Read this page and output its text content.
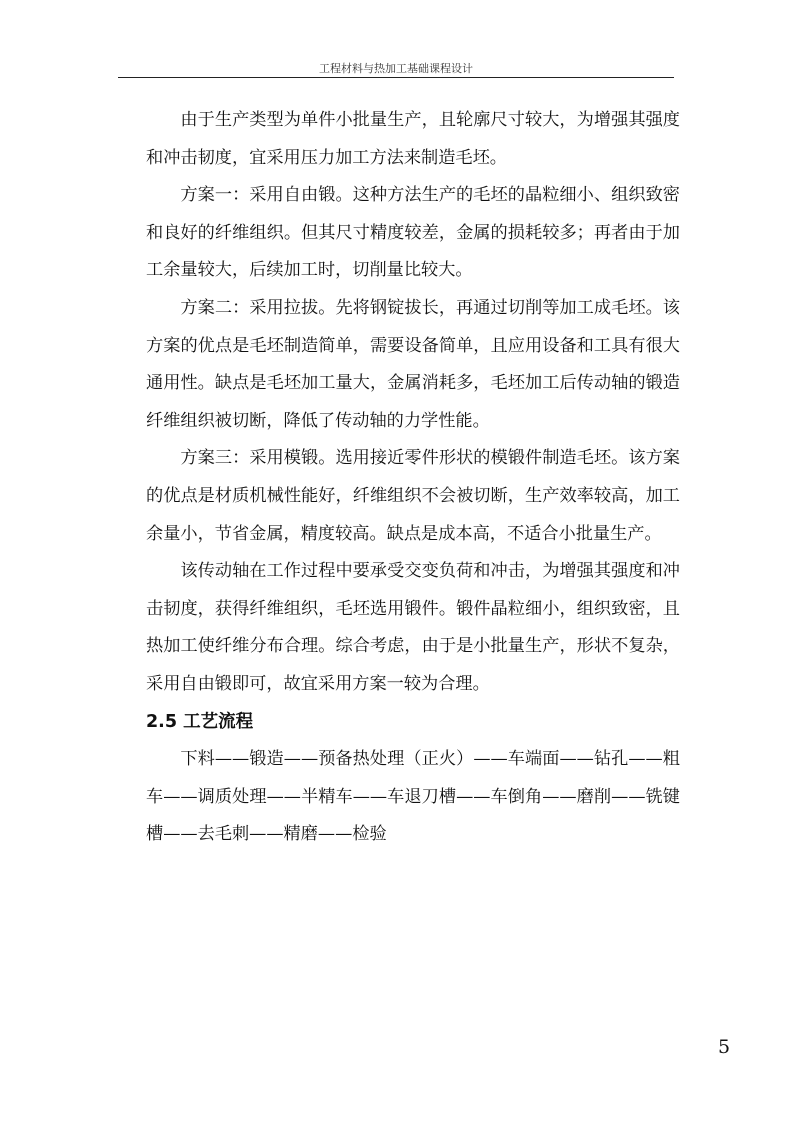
工程材料与热加工基础课程设计

由于生产类型为单件小批量生产，且轮廓尺寸较大，为增强其强度和冲击韧度，宜采用压力加工方法来制造毛坯。

方案一：采用自由锻。这种方法生产的毛坯的晶粒细小、组织致密和良好的纤维组织。但其尺寸精度较差，金属的损耗较多；再者由于加工余量较大，后续加工时，切削量比较大。

方案二：采用拉拔。先将钢锭拔长，再通过切削等加工成毛坯。该方案的优点是毛坯制造简单，需要设备简单，且应用设备和工具有很大通用性。缺点是毛坯加工量大，金属消耗多，毛坯加工后传动轴的锻造纤维组织被切断，降低了传动轴的力学性能。

方案三：采用模锻。选用接近零件形状的模锻件制造毛坯。该方案的优点是材质机械性能好，纤维组织不会被切断，生产效率较高，加工余量小，节省金属，精度较高。缺点是成本高，不适合小批量生产。

该传动轴在工作过程中要承受交变负荷和冲击，为增强其强度和冲击韧度，获得纤维组织，毛坯选用锻件。锻件晶粒细小，组织致密，且热加工使纤维分布合理。综合考虑，由于是小批量生产，形状不复杂，采用自由锻即可，故宜采用方案一较为合理。

2.5 工艺流程

下料——锻造——预备热处理（正火）——车端面——钻孔——粗车——调质处理——半精车——车退刀槽——车倒角——磨削——铣键槽——去毛刺——精磨——检验

5
